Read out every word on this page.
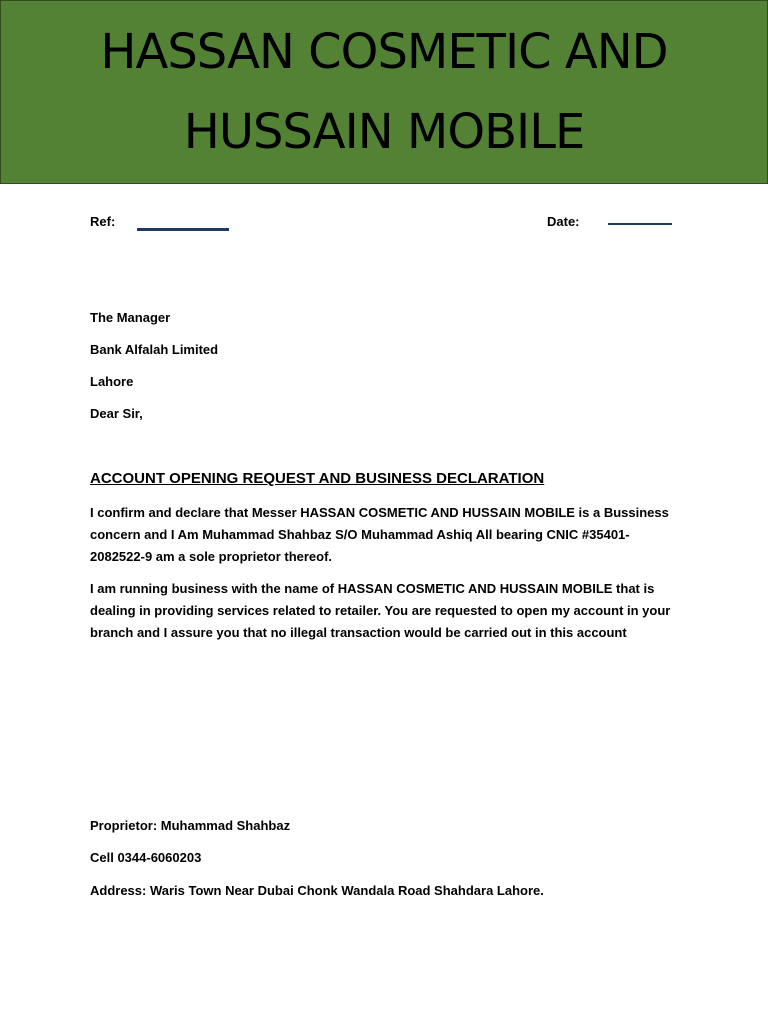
HASSAN COSMETIC AND
HUSSAIN MOBILE
Ref:	Date:
The Manager
Bank Alfalah Limited
Lahore
Dear Sir,
ACCOUNT OPENING REQUEST AND BUSINESS DECLARATION
I confirm and declare that Messer HASSAN COSMETIC AND HUSSAIN MOBILE is a Bussiness
concern and I Am Muhammad Shahbaz S/O Muhammad Ashiq All bearing CNIC #35401-
2082522-9 am a sole proprietor thereof.
I am running business with the name of HASSAN COSMETIC AND HUSSAIN MOBILE that is
dealing in providing services related to retailer. You are requested to open my account in your
branch and I assure you that no illegal transaction would be carried out in this account
Proprietor: Muhammad Shahbaz
Cell 0344-6060203
Address: Waris Town Near Dubai Chonk Wandala Road Shahdara Lahore.
